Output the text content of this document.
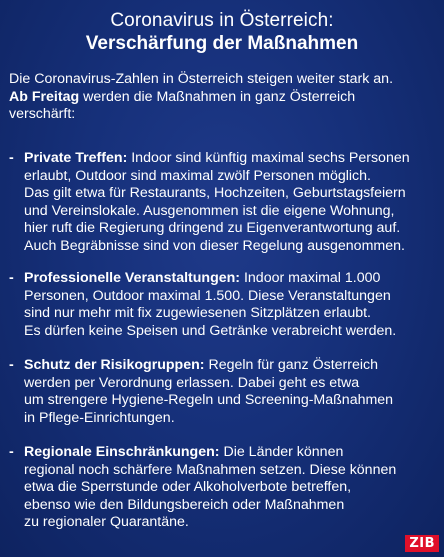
Coronavirus in Österreich:
Verschärfung der Maßnahmen
Die Coronavirus-Zahlen in Österreich steigen weiter stark an.
Ab Freitag werden die Maßnahmen in ganz Österreich
verschärft:
- Private Treffen: Indoor sind künftig maximal sechs Personen
erlaubt, Outdoor sind maximal zwölf Personen möglich.
Das gilt etwa für Restaurants, Hochzeiten, Geburtstagsfeiern
und Vereinslokale. Ausgenommen ist die eigene Wohnung,
hier ruft die Regierung dringend zu Eigenverantwortung auf.
Auch Begräbnisse sind von dieser Regelung ausgenommen.
- Professionelle Veranstaltungen: Indoor maximal 1.000
Personen, Outdoor maximal 1.500. Diese Veranstaltungen
sind nur mehr mit fix zugewiesenen Sitzplätzen erlaubt.
Es dürfen keine Speisen und Getränke verabreicht werden.
- Schutz der Risikogruppen: Regeln für ganz Österreich
werden per Verordnung erlassen. Dabei geht es etwa
um strengere Hygiene-Regeln und Screening-Maßnahmen
in Pflege-Einrichtungen.
- Regionale Einschränkungen: Die Länder können
regional noch schärfere Maßnahmen setzen. Diese können
etwa die Sperrstunde oder Alkoholverbote betreffen,
ebenso wie den Bildungsbereich oder Maßnahmen
zu regionaler Quarantäne.
ZIB
